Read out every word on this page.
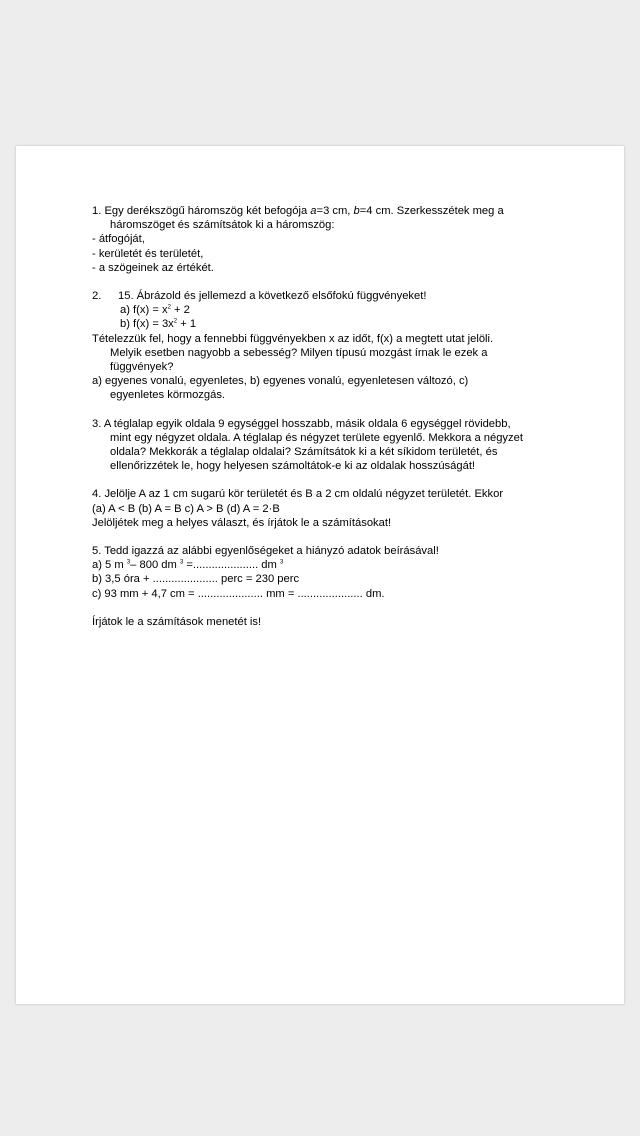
1. Egy derékszögű háromszög két befogója a=3 cm, b=4 cm. Szerkesszétek meg a

háromszöget és számítsátok ki a háromszög:

- átfogóját,

- kerületét és területét,

- a szögeinek az értékét.

2. 15. Ábrázold és jellemezd a következő elsőfokú függvényeket!

a) $f(x) = x^2 + 2$

b) $f(x) = 3x^2 + 1$

Tételezzük fel, hogy a fennebbi függvényekben x az időt, f(x) a megtett utat jelöli.

Melyik esetben nagyobb a sebesség? Milyen típusú mozgást írnak le ezek a

függvények?

a) egyenes vonalú, egyenletes, b) egyenes vonalú, egyenletesen változó, c)

egyenletes körmozgás.

3. A téglalap egyik oldala 9 egységgel hosszabb, másik oldala 6 egységgel rövidebb,

mint egy négyzet oldala. A téglalap és négyzet területe egyenlő. Mekkora a négyzet

oldala? Mekkorák a téglalap oldalai? Számítsátok ki a két síkidom területét, és

ellenőrizzétek le, hogy helyesen számoltátok-e ki az oldalak hosszúságát!

4. Jelölje A az 1 cm sugarú kör területét és B a 2 cm oldalú négyzet területét. Ekkor

(a) A < B (b) A = B c) A > B (d) A = 2·B

Jelöljétek meg a helyes választ, és írjátok le a számításokat!

5. Tedd igazzá az alábbi egyenlőségeket a hiányzó adatok beírásával!

a) 5 m $^3$– 800 dm $^3$ =..................... dm $^3$

b) 3,5 óra + ..................... perc = 230 perc

c) 93 mm + 4,7 cm = ..................... mm = ..................... dm.

Írjátok le a számítások menetét is!
